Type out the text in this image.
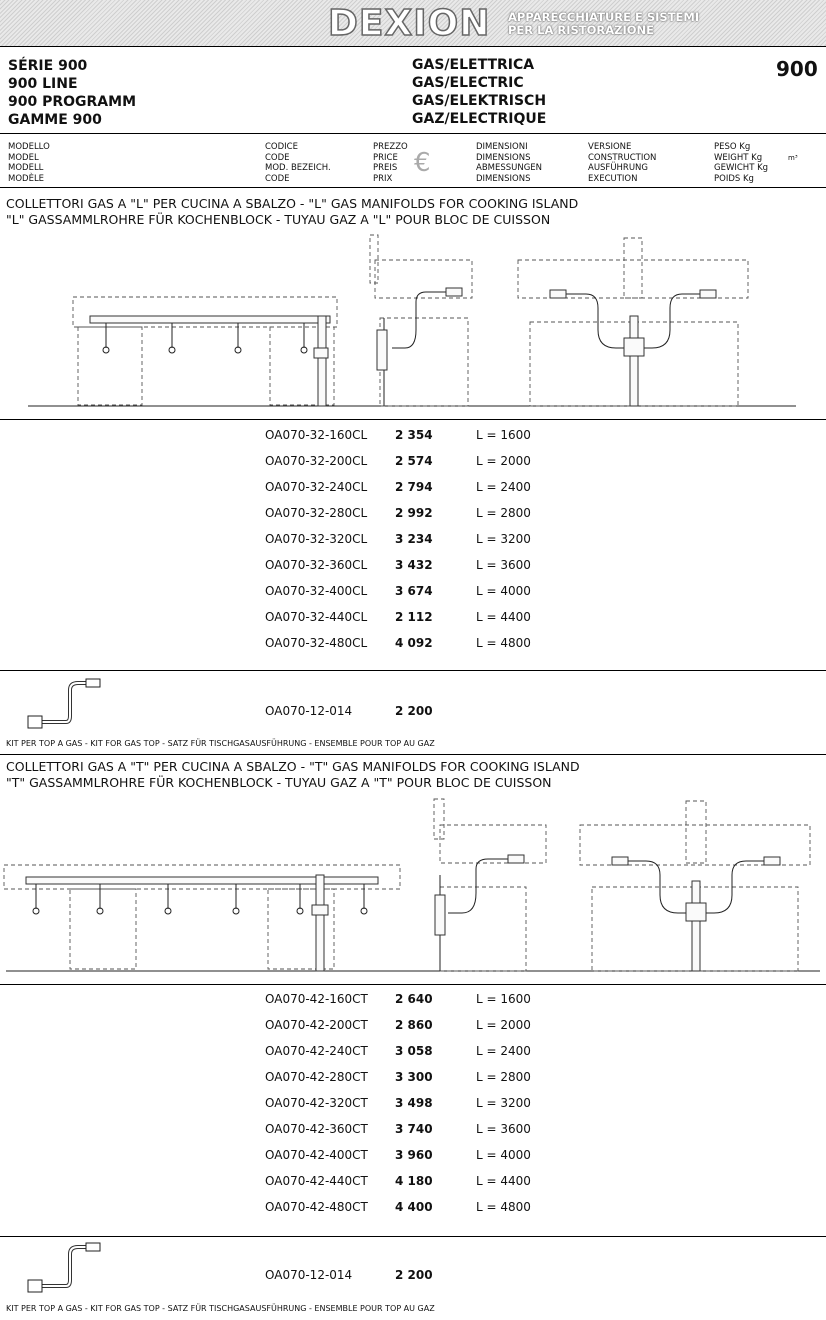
DEXION APPARECCHIATURE E SISTEMI
PER LA RISTORAZIONE
SÉRIE 900
900 LINE
900 PROGRAMM
GAMME 900
GAS/ELETTRICA
GAS/ELECTRIC
GAS/ELEKTRISCH
GAZ/ELECTRIQUE
900
MODELLO
MODEL
MODELL
MODÈLE
CODICE
CODE
MOD. BEZEICH.
CODE
PREZZO
PRICE
PREIS
PRIX
€
DIMENSIONI
DIMENSIONS
ABMESSUNGEN
DIMENSIONS
VERSIONE
CONSTRUCTION
AUSFÜHRUNG
EXECUTION
PESO Kg
WEIGHT Kg
GEWICHT Kg
POIDS Kg
m³
COLLETTORI GAS A "L" PER CUCINA A SBALZO - "L" GAS MANIFOLDS FOR COOKING ISLAND
"L" GASSAMMLROHRE FÜR KOCHENBLOCK - TUYAU GAZ A "L" POUR BLOC DE CUISSON
OA070-32-160CL 2 354	L = 1600
OA070-32-200CL 2 574	L = 2000
OA070-32-240CL 2 794	L = 2400
OA070-32-280CL 2 992	L = 2800
OA070-32-320CL 3 234	L = 3200
OA070-32-360CL 3 432	L = 3600
OA070-32-400CL 3 674	L = 4000
OA070-32-440CL 2 112	L = 4400
OA070-32-480CL 4 092	L = 4800
OA070-12-014	2 200
KIT PER TOP A GAS - KIT FOR GAS TOP - SATZ FÜR TISCHGASAUSFÜHRUNG - ENSEMBLE POUR TOP AU GAZ
COLLETTORI GAS A "T" PER CUCINA A SBALZO - "T" GAS MANIFOLDS FOR COOKING ISLAND
"T" GASSAMMLROHRE FÜR KOCHENBLOCK - TUYAU GAZ A "T" POUR BLOC DE CUISSON
OA070-42-160CT 2 640	L = 1600
OA070-42-200CT 2 860	L = 2000
OA070-42-240CT 3 058	L = 2400
OA070-42-280CT 3 300	L = 2800
OA070-42-320CT 3 498	L = 3200
OA070-42-360CT 3 740	L = 3600
OA070-42-400CT 3 960	L = 4000
OA070-42-440CT 4 180	L = 4400
OA070-42-480CT 4 400	L = 4800
OA070-12-014	2 200
KIT PER TOP A GAS - KIT FOR GAS TOP - SATZ FÜR TISCHGASAUSFÜHRUNG - ENSEMBLE POUR TOP AU GAZ
